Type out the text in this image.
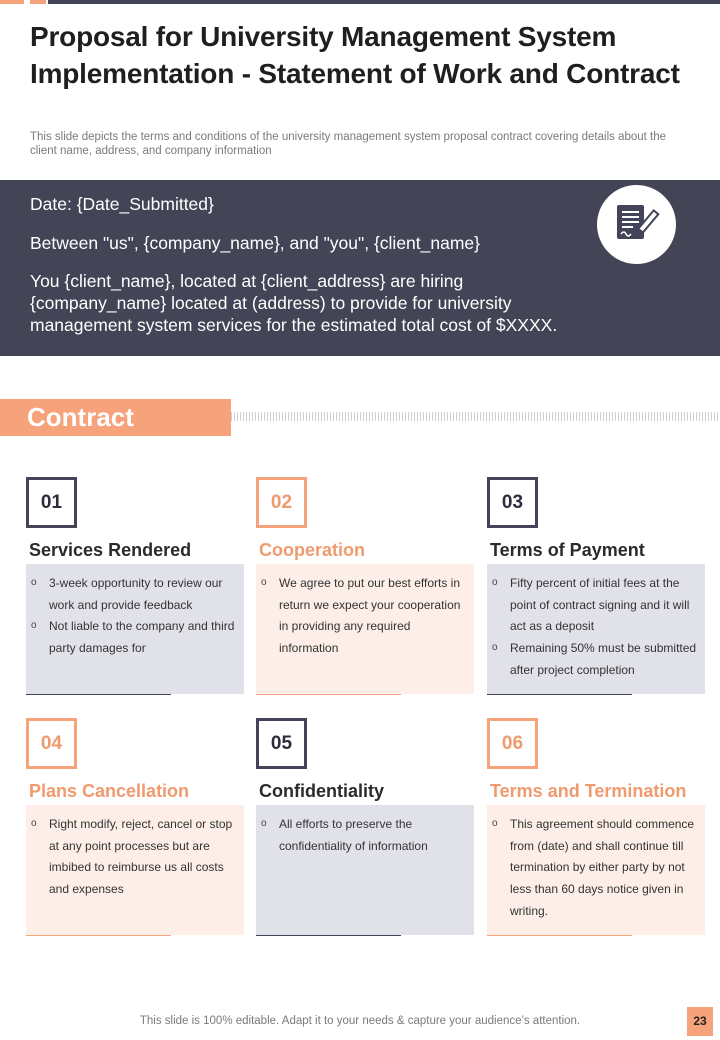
Proposal for University Management System Implementation - Statement of Work and Contract

This slide depicts the terms and conditions of the university management system proposal contract covering details about the client name, address, and company information

Date: {Date_Submitted}

Between "us", {company_name}, and "you", {client_name}

You {client_name}, located at {client_address} are hiring {company_name} located at (address) to provide for university management system services for the estimated total cost of $XXXX.

Contract
01
Services Rendered
o 3-week opportunity to review our work and provide feedback
o Not liable to the company and third party damages for
02
Cooperation
o We agree to put our best efforts in return we expect your cooperation in providing any required information
03
Terms of Payment
o Fifty percent of initial fees at the point of contract signing and it will act as a deposit
o Remaining 50% must be submitted after project completion
04
Plans Cancellation
o Right modify, reject, cancel or stop at any point processes but are imbibed to reimburse us all costs and expenses
05
Confidentiality
o All efforts to preserve the confidentiality of information
06
Terms and Termination
o This agreement should commence from (date) and shall continue till termination by either party by not less than 60 days notice given in writing.

This slide is 100% editable. Adapt it to your needs & capture your audience’s attention.	23
